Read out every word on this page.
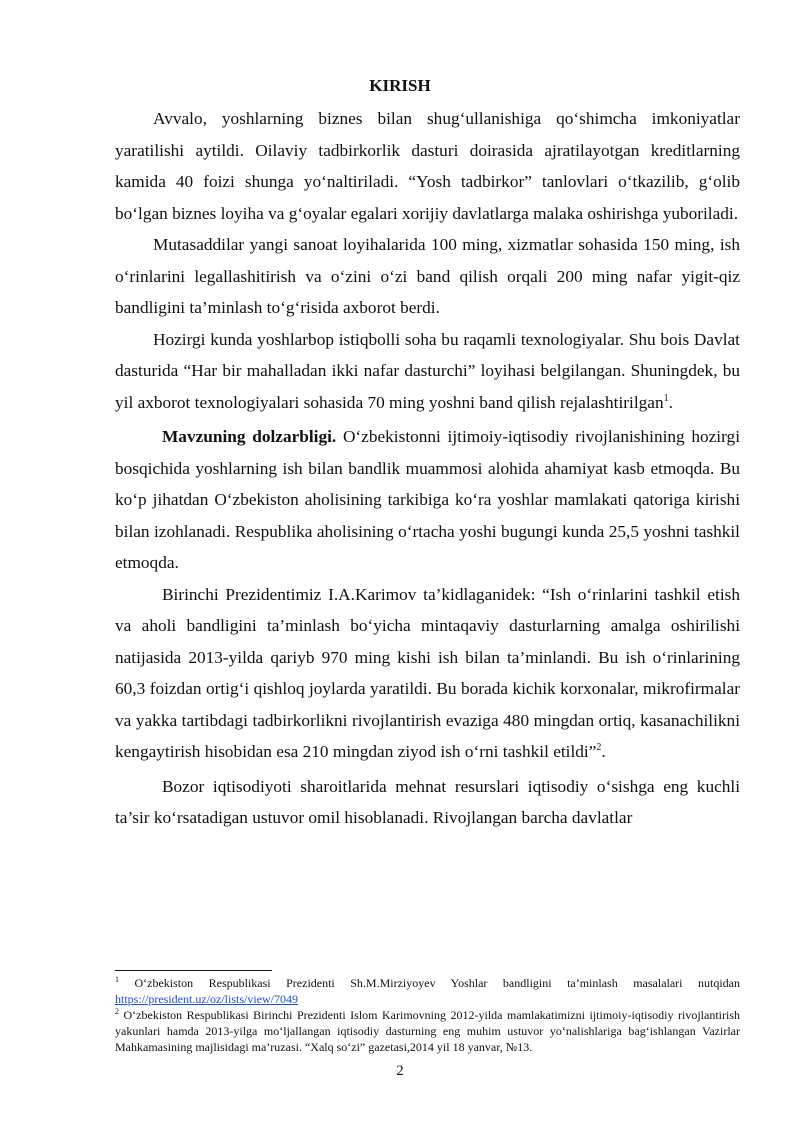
KIRISH

Avvalo, yoshlarning biznes bilan shug‘ullanishiga qo‘shimcha imkoniyatlar yaratilishi aytildi. Oilaviy tadbirkorlik dasturi doirasida ajratilayotgan kreditlarning kamida 40 foizi shunga yo‘naltiriladi. “Yosh tadbirkor” tanlovlari o‘tkazilib, g‘olib bo‘lgan biznes loyiha va g‘oyalar egalari xorijiy davlatlarga malaka oshirishga yuboriladi.

Mutasaddilar yangi sanoat loyihalarida 100 ming, xizmatlar sohasida 150 ming, ish o‘rinlarini legallashitirish va o‘zini o‘zi band qilish orqali 200 ming nafar yigit-qiz bandligini ta’minlash to‘g‘risida axborot berdi.

Hozirgi kunda yoshlarbop istiqbolli soha bu raqamli texnologiyalar. Shu bois Davlat dasturida “Har bir mahalladan ikki nafar dasturchi” loyihasi belgilangan. Shuningdek, bu yil axborot texnologiyalari sohasida 70 ming yoshni band qilish rejalashtirilgan$^1$.

Mavzuning dolzarbligi. O‘zbekistonni ijtimoiy-iqtisodiy rivojlanishining hozirgi bosqichida yoshlarning ish bilan bandlik muammosi alohida ahamiyat kasb etmoqda. Bu ko‘p jihatdan O‘zbekiston aholisining tarkibiga ko‘ra yoshlar mamlakati qatoriga kirishi bilan izohlanadi. Respublika aholisining o‘rtacha yoshi bugungi kunda 25,5 yoshni tashkil etmoqda.

Birinchi Prezidentimiz I.A.Karimov ta’kidlaganidek: “Ish o‘rinlarini tashkil etish va aholi bandligini ta’minlash bo‘yicha mintaqaviy dasturlarning amalga oshirilishi natijasida 2013-yilda qariyb 970 ming kishi ish bilan ta’minlandi. Bu ish o‘rinlarining 60,3 foizdan ortig‘i qishloq joylarda yaratildi. Bu borada kichik korxonalar, mikrofirmalar va yakka tartibdagi tadbirkorlikni rivojlantirish evaziga 480 mingdan ortiq, kasanachilikni kengaytirish hisobidan esa 210 mingdan ziyod ish o‘rni tashkil etildi”$^2$.

Bozor iqtisodiyoti sharoitlarida mehnat resurslari iqtisodiy o‘sishga eng kuchli ta’sir ko‘rsatadigan ustuvor omil hisoblanadi. Rivojlangan barcha davlatlar

$^1$ O‘zbekiston Respublikasi Prezidenti Sh.M.Mirziyoyev Yoshlar bandligini ta’minlash masalalari nutqidan https://president.uz/oz/lists/view/7049

$^2$ O‘zbekiston Respublikasi Birinchi Prezidenti Islom Karimovning 2012-yilda mamlakatimizni ijtimoiy-iqtisodiy rivojlantirish yakunlari hamda 2013-yilga mo‘ljallangan iqtisodiy dasturning eng muhim ustuvor yo‘nalishlariga bag‘ishlangan Vazirlar Mahkamasining majlisidagi ma’ruzasi. “Xalq so‘zi” gazetasi,2014 yil 18 yanvar, №13.

2
